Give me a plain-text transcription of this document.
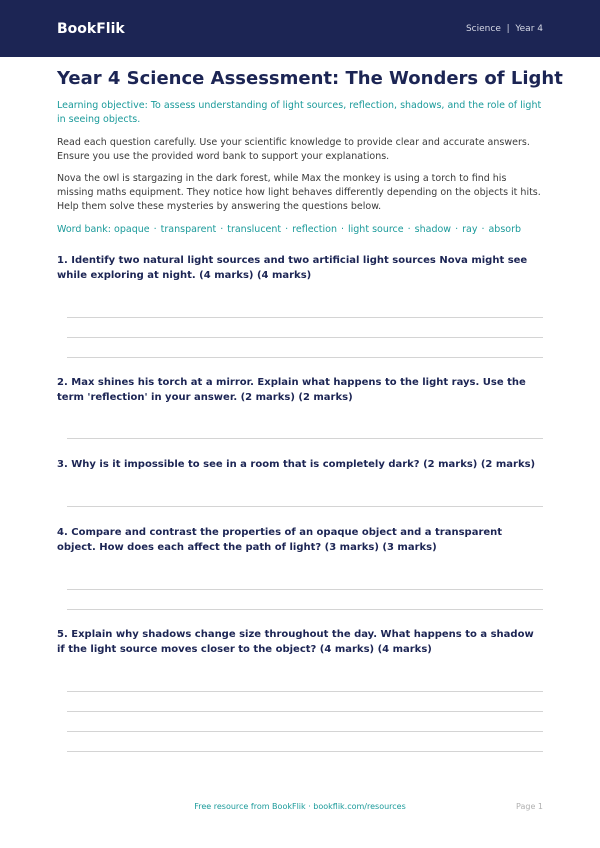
BookFlik	Science  |  Year 4
Year 4 Science Assessment: The Wonders of Light
Learning objective: To assess understanding of light sources, reflection, shadows, and the role of light in seeing objects.
Read each question carefully. Use your scientific knowledge to provide clear and accurate answers. Ensure you use the provided word bank to support your explanations.
Nova the owl is stargazing in the dark forest, while Max the monkey is using a torch to find his missing maths equipment. They notice how light behaves differently depending on the objects it hits. Help them solve these mysteries by answering the questions below.
Word bank: opaque · transparent · translucent · reflection · light source · shadow · ray · absorb
1. Identify two natural light sources and two artificial light sources Nova might see while exploring at night. (4 marks) (4 marks)
2. Max shines his torch at a mirror. Explain what happens to the light rays. Use the term 'reflection' in your answer. (2 marks) (2 marks)
3. Why is it impossible to see in a room that is completely dark? (2 marks) (2 marks)
4. Compare and contrast the properties of an opaque object and a transparent object. How does each affect the path of light? (3 marks) (3 marks)
5. Explain why shadows change size throughout the day. What happens to a shadow if the light source moves closer to the object? (4 marks) (4 marks)
Free resource from BookFlik · bookflik.com/resources	Page 1
